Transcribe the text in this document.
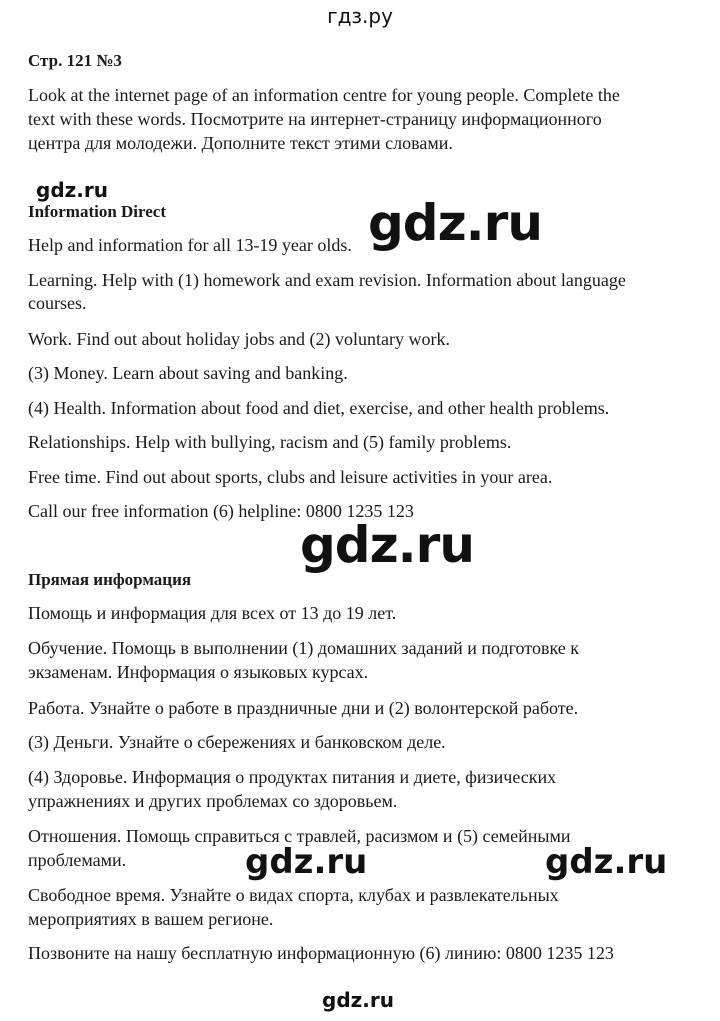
гдз.ру
gdz.ru
gdz.ru
gdz.ru
gdz.ru	gdz.ru
gdz.ru
Стр. 121 №3
Look at the internet page of an information centre for young people. Complete the
text with these words. Посмотрите на интернет-страницу информационного
центра для молодежи. Дополните текст этими словами.
Information Direct
Help and information for all 13-19 year olds.
Learning. Help with (1) homework and exam revision. Information about language
courses.
Work. Find out about holiday jobs and (2) voluntary work.
(3) Money. Learn about saving and banking.
(4) Health. Information about food and diet, exercise, and other health problems.
Relationships. Help with bullying, racism and (5) family problems.
Free time. Find out about sports, clubs and leisure activities in your area.
Call our free information (6) helpline: 0800 1235 123
Прямая информация
Помощь и информация для всех от 13 до 19 лет.
Обучение. Помощь в выполнении (1) домашних заданий и подготовке к
экзаменам. Информация о языковых курсах.
Работа. Узнайте о работе в праздничные дни и (2) волонтерской работе.
(3) Деньги. Узнайте о сбережениях и банковском деле.
(4) Здоровье. Информация о продуктах питания и диете, физических
упражнениях и других проблемах со здоровьем.
Отношения. Помощь справиться с травлей, расизмом и (5) семейными
проблемами.
Свободное время. Узнайте о видах спорта, клубах и развлекательных
мероприятиях в вашем регионе.
Позвоните на нашу бесплатную информационную (6) линию: 0800 1235 123
